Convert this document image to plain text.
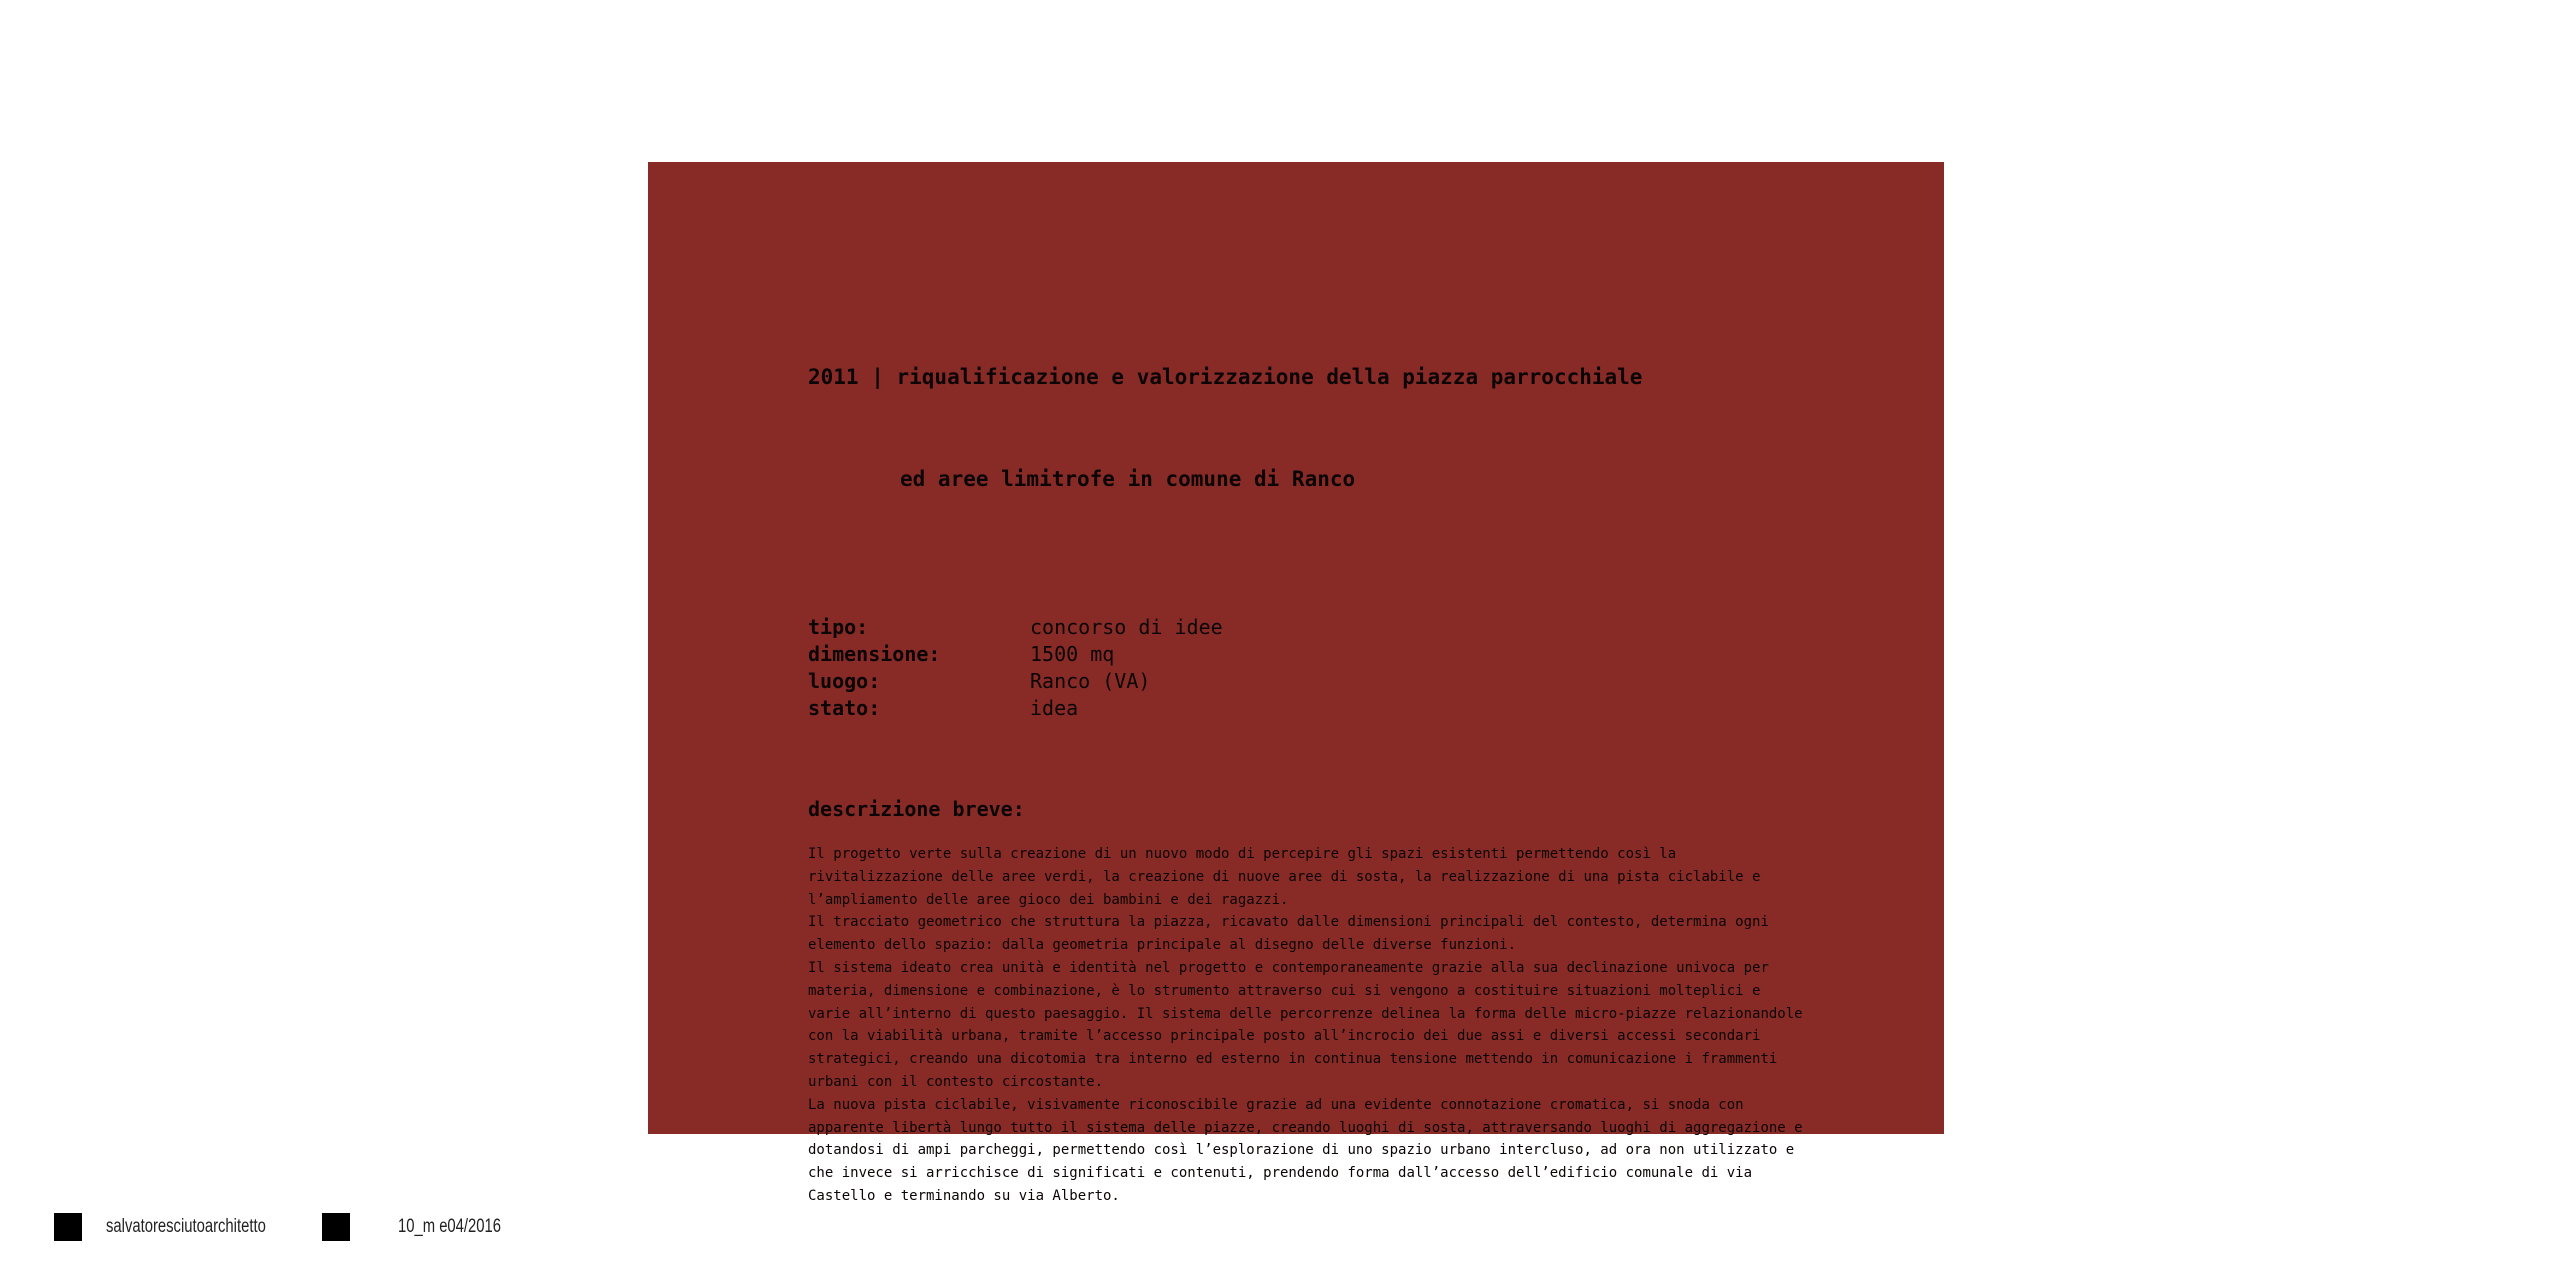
2011 | riqualificazione e valorizzazione della piazza parrocchiale

ed aree limitrofe in comune di Ranco

tipo:	concorso di idee
dimensione:	1500 mq
luogo:	Ranco (VA)
stato:	idea
descrizione breve:

Il progetto verte sulla creazione di un nuovo modo di percepire gli spazi esistenti permettendo così la rivitalizzazione delle aree verdi, la creazione di nuove aree di sosta, la realizzazione di una pista ciclabile e l’ampliamento delle aree gioco dei bambini e dei ragazzi.

Il tracciato geometrico che struttura la piazza, ricavato dalle dimensioni principali del contesto, determina ogni elemento dello spazio: dalla geometria principale al disegno delle diverse funzioni.

Il sistema ideato crea unità e identità nel progetto e contemporaneamente grazie alla sua declinazione univoca per materia, dimensione e combinazione, è lo strumento attraverso cui si vengono a costituire situazioni molteplici e varie all’interno di questo paesaggio. Il sistema delle percorrenze delinea la forma delle micro-piazze relazionandole con la viabilità urbana, tramite l’accesso principale posto all’incrocio dei due assi e diversi accessi secondari strategici, creando una dicotomia tra interno ed esterno in continua tensione mettendo in comunicazione i frammenti urbani con il contesto circostante.

La nuova pista ciclabile, visivamente riconoscibile grazie ad una evidente connotazione cromatica, si snoda con apparente libertà lungo tutto il sistema delle piazze, creando luoghi di sosta, attraversando luoghi di aggregazione e dotandosi di ampi parcheggi, permettendo così l’esplorazione di uno spazio urbano intercluso, ad ora non utilizzato e che invece si arricchisce di significati e contenuti, prendendo forma dall’accesso dell’edificio comunale di via Castello e terminando su via Alberto.

salvatoresciutoarchitetto	10_m e04/2016
